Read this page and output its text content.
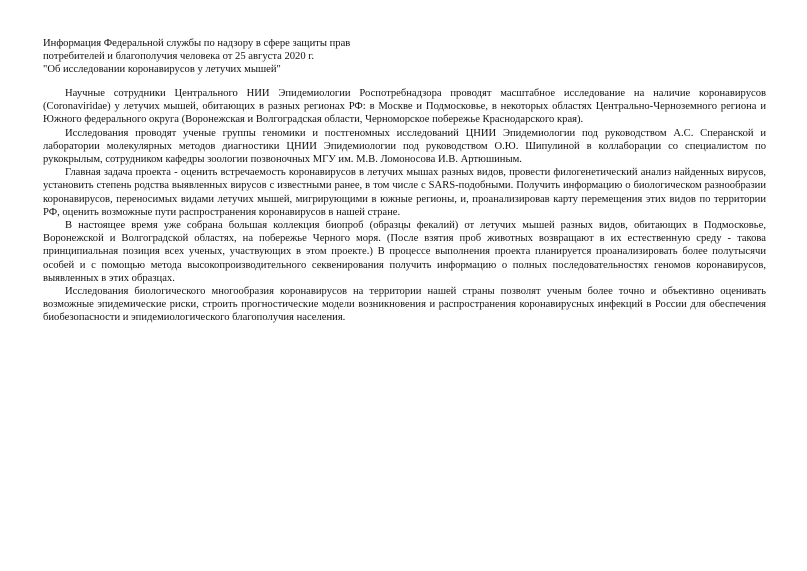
Информация Федеральной службы по надзору в сфере защиты прав
потребителей и благополучия человека от 25 августа 2020 г.
"Об исследовании коронавирусов у летучих мышей"

Научные сотрудники Центрального НИИ Эпидемиологии Роспотребнадзора проводят масштабное исследование на наличие коронавирусов (Coronaviridae) у летучих мышей, обитающих в разных регионах РФ: в Москве и Подмосковье, в некоторых областях Центрально-Черноземного региона и Южного федерального округа (Воронежская и Волгоградская области, Черноморское побережье Краснодарского края).

Исследования проводят ученые группы геномики и постгеномных исследований ЦНИИ Эпидемиологии под руководством А.С. Сперанской и лаборатории молекулярных методов диагностики ЦНИИ Эпидемиологии под руководством О.Ю. Шипулиной в коллаборации со специалистом по рукокрылым, сотрудником кафедры зоологии позвоночных МГУ им. М.В. Ломоносова И.В. Артюшиным.

Главная задача проекта - оценить встречаемость коронавирусов в летучих мышах разных видов, провести филогенетический анализ найденных вирусов, установить степень родства выявленных вирусов с известными ранее, в том числе с SARS-подобными. Получить информацию о биологическом разнообразии коронавирусов, переносимых видами летучих мышей, мигрирующими в южные регионы, и, проанализировав карту перемещения этих видов по территории РФ, оценить возможные пути распространения коронавирусов в нашей стране.

В настоящее время уже собрана большая коллекция биопроб (образцы фекалий) от летучих мышей разных видов, обитающих в Подмосковье, Воронежской и Волгоградской областях, на побережье Черного моря. (После взятия проб животных возвращают в их естественную среду - такова принципиальная позиция всех ученых, участвующих в этом проекте.) В процессе выполнения проекта планируется проанализировать более полутысячи особей и с помощью метода высокопроизводительного секвенирования получить информацию о полных последовательностях геномов коронавирусов, выявленных в этих образцах.

Исследования биологического многообразия коронавирусов на территории нашей страны позволят ученым более точно и объективно оценивать возможные эпидемические риски, строить прогностические модели возникновения и распространения коронавирусных инфекций в России для обеспечения биобезопасности и эпидемиологического благополучия населения.
